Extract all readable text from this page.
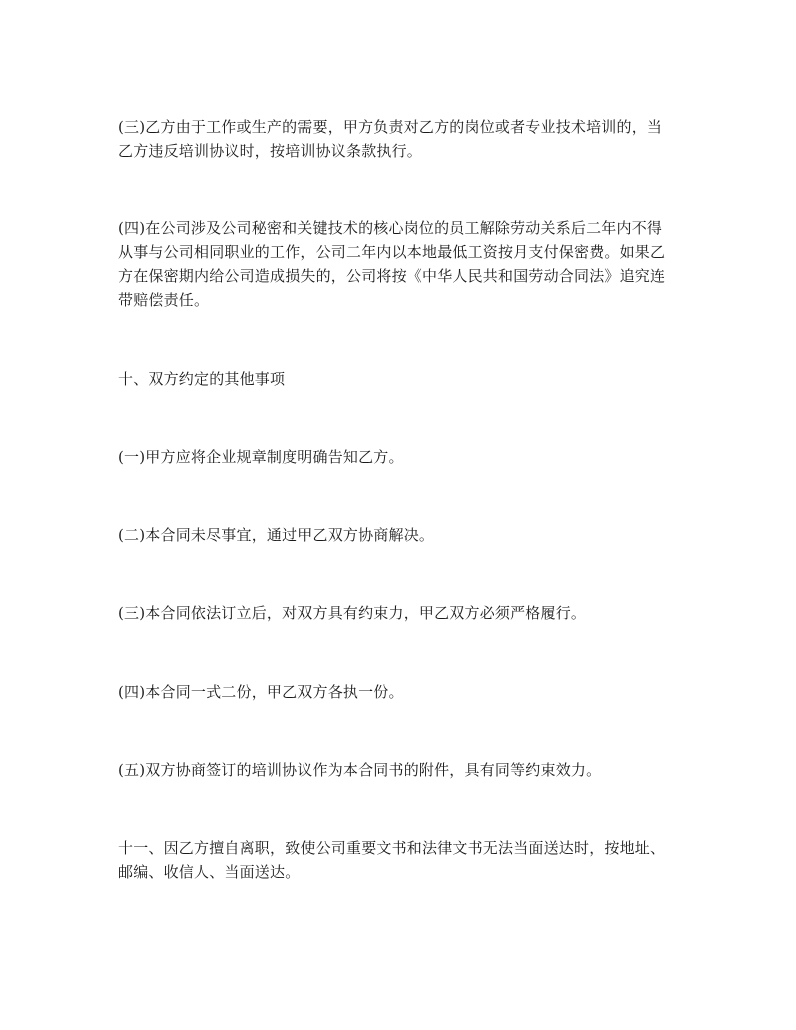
(三)乙方由于工作或生产的需要，甲方负责对乙方的岗位或者专业技术培训的，当
乙方违反培训协议时，按培训协议条款执行。

(四)在公司涉及公司秘密和关键技术的核心岗位的员工解除劳动关系后二年内不得
从事与公司相同职业的工作，公司二年内以本地最低工资按月支付保密费。如果乙
方在保密期内给公司造成损失的，公司将按《中华人民共和国劳动合同法》追究连
带赔偿责任。

十、双方约定的其他事项

(一)甲方应将企业规章制度明确告知乙方。

(二)本合同未尽事宜，通过甲乙双方协商解决。

(三)本合同依法订立后，对双方具有约束力，甲乙双方必须严格履行。

(四)本合同一式二份，甲乙双方各执一份。

(五)双方协商签订的培训协议作为本合同书的附件，具有同等约束效力。

十一、因乙方擅自离职，致使公司重要文书和法律文书无法当面送达时，按地址、
邮编、收信人、当面送达。
